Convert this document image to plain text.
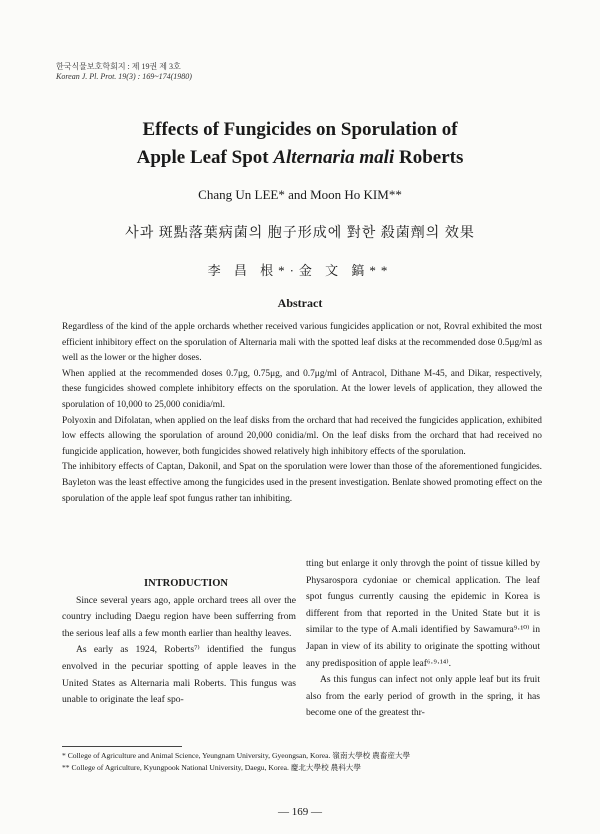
한국식물보호학회지 : 제 19권 제 3호
Korean J. Pl. Prot. 19(3) : 169~174(1980)
Effects of Fungicides on Sporulation of
Apple Leaf Spot Alternaria mali Roberts
Chang Un LEE* and Moon Ho KIM**
사과 斑點落葉病菌의 胞子形成에 對한 殺菌劑의 效果
李 昌 根*·金 文 鎬**
Abstract

Regardless of the kind of the apple orchards whether received various fungicides application or not, Rovral exhibited the most efficient inhibitory effect on the sporulation of Alternaria mali with the spotted leaf disks at the recommended dose 0.5μg/ml as well as the lower or the higher doses.

When applied at the recommended doses 0.7μg, 0.75μg, and 0.7μg/ml of Antracol, Dithane M-45, and Dikar, respectively, these fungicides showed complete inhibitory effects on the sporulation. At the lower levels of application, they allowed the sporulation of 10,000 to 25,000 conidia/ml.

Polyoxin and Difolatan, when applied on the leaf disks from the orchard that had received the fungicides application, exhibited low effects allowing the sporulation of around 20,000 conidia/ml. On the leaf disks from the orchard that had received no fungicide application, however, both fungicides showed relatively high inhibitory effects of the sporulation.

The inhibitory effects of Captan, Dakonil, and Spat on the sporulation were lower than those of the aforementioned fungicides. Bayleton was the least effective among the fungicides used in the present investigation. Benlate showed promoting effect on the sporulation of the apple leaf spot fungus rather tan inhibiting.

INTRODUCTION

Since several years ago, apple orchard trees all over the country including Daegu region have been sufferring from the serious leaf alls a few month earlier than healthy leaves.

As early as 1924, Roberts⁷⁾ identified the fungus envolved in the pecuriar spotting of apple leaves in the United States as Alternaria mali Roberts. This fungus was unable to originate the leaf spo-

tting but enlarge it only throvgh the point of tissue killed by Physarospora cydoniae or chemical application. The leaf spot fungus currently causing the epidemic in Korea is different from that reported in the United State but it is similar to the type of A.mali identified by Sawamura⁹·¹⁰⁾ in Japan in view of its ability to originate the spotting without any predisposition of apple leaf⁶·⁹·¹⁴⁾.

As this fungus can infect not only apple leaf but its fruit also from the early period of growth in the spring, it has become one of the greatest thr-

* College of Agriculture and Animal Science, Yeungnam University, Gyeongsan, Korea. 嶺南大學校 農畜産大學
** College of Agriculture, Kyungpook National University, Daegu, Korea. 慶北大學校 農科大學
— 169 —
